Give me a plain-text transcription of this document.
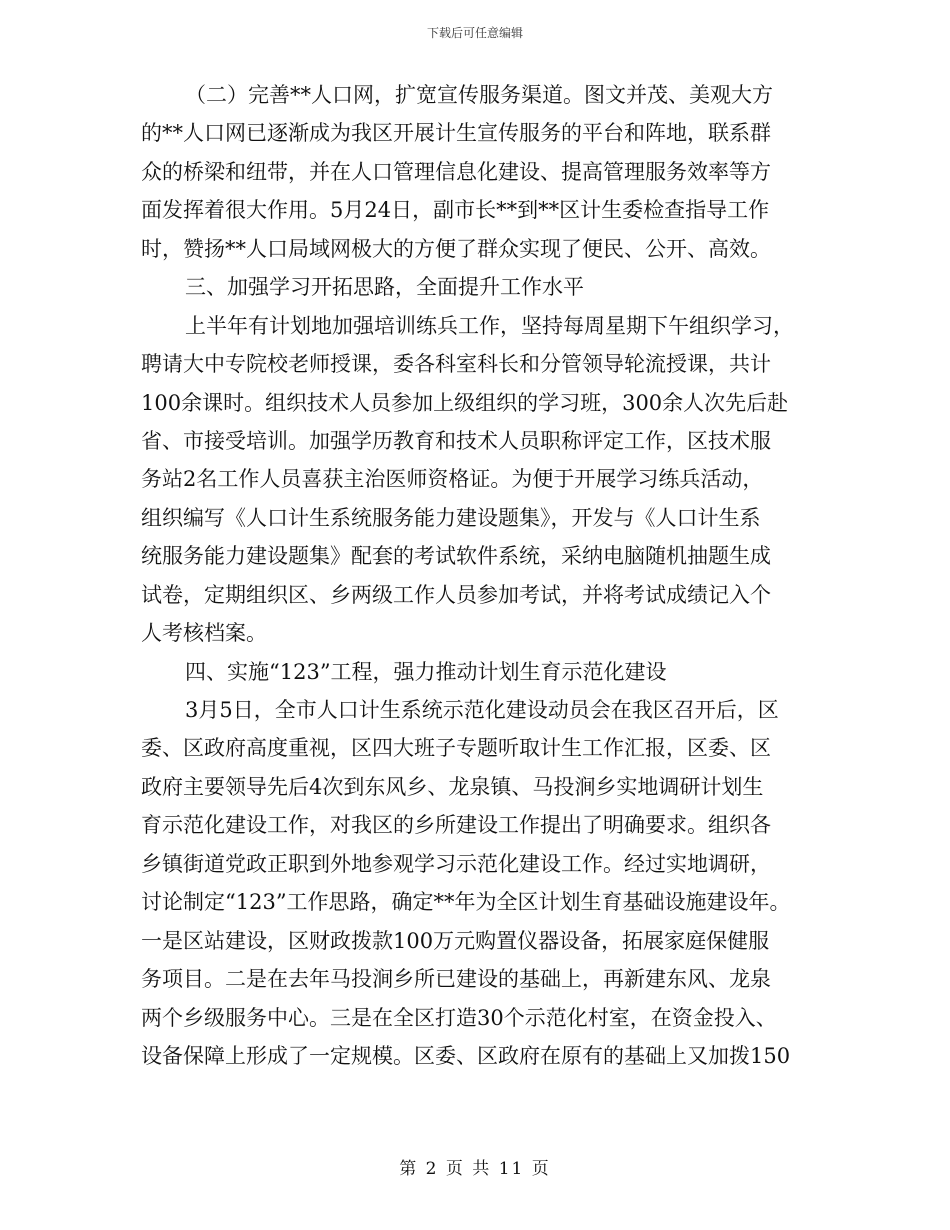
下载后可任意编辑
（二）完善**人口网，扩宽宣传服务渠道。图文并茂、美观大方
的**人口网已逐渐成为我区开展计生宣传服务的平台和阵地，联系群
众的桥梁和纽带，并在人口管理信息化建设、提高管理服务效率等方
面发挥着很大作用。5月24日，副市长**到**区计生委检查指导工作
时，赞扬**人口局域网极大的方便了群众实现了便民、公开、高效。
三、加强学习开拓思路，全面提升工作水平
上半年有计划地加强培训练兵工作，坚持每周星期下午组织学习，
聘请大中专院校老师授课，委各科室科长和分管领导轮流授课，共计
100余课时。组织技术人员参加上级组织的学习班，300余人次先后赴
省、市接受培训。加强学历教育和技术人员职称评定工作，区技术服
务站2名工作人员喜获主治医师资格证。为便于开展学习练兵活动，
组织编写《人口计生系统服务能力建设题集》，开发与《人口计生系
统服务能力建设题集》配套的考试软件系统，采纳电脑随机抽题生成
试卷，定期组织区、乡两级工作人员参加考试，并将考试成绩记入个
人考核档案。
四、实施“123”工程，强力推动计划生育示范化建设
3月5日，全市人口计生系统示范化建设动员会在我区召开后，区
委、区政府高度重视，区四大班子专题听取计生工作汇报，区委、区
政府主要领导先后4次到东风乡、龙泉镇、马投涧乡实地调研计划生
育示范化建设工作，对我区的乡所建设工作提出了明确要求。组织各
乡镇街道党政正职到外地参观学习示范化建设工作。经过实地调研，
讨论制定“123”工作思路，确定**年为全区计划生育基础设施建设年。
一是区站建设，区财政拨款100万元购置仪器设备，拓展家庭保健服
务项目。二是在去年马投涧乡所已建设的基础上，再新建东风、龙泉
两个乡级服务中心。三是在全区打造30个示范化村室，在资金投入、
设备保障上形成了一定规模。区委、区政府在原有的基础上又加拨150
第 2 页 共 11 页
